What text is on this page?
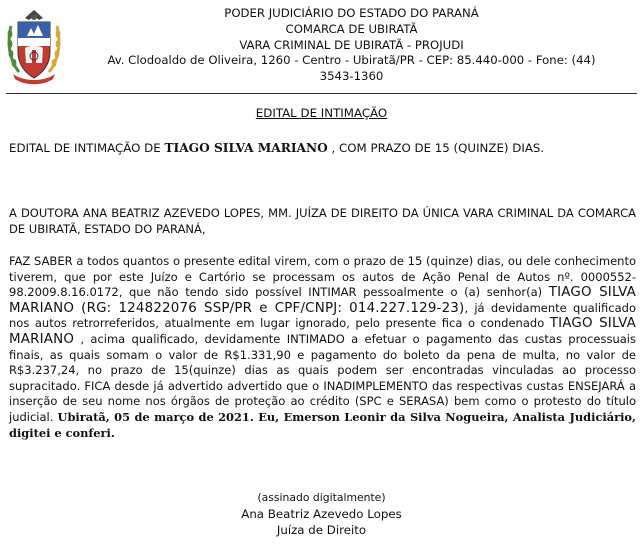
PODER JUDICIÁRIO DO ESTADO DO PARANÁ
COMARCA DE UBIRATÃ
VARA CRIMINAL DE UBIRATÃ - PROJUDI
Av. Clodoaldo de Oliveira, 1260 - Centro - Ubiratã/PR - CEP: 85.440-000 - Fone: (44)
3543-1360
EDITAL DE INTIMAÇÃO
EDITAL DE INTIMAÇÃO DE TIAGO SILVA MARIANO , COM PRAZO DE 15 (QUINZE) DIAS.
A DOUTORA ANA BEATRIZ AZEVEDO LOPES, MM. JUÍZA DE DIREITO DA ÚNICA VARA CRIMINAL DA COMARCA DE UBIRATÃ, ESTADO DO PARANÁ,
FAZ SABER a todos quantos o presente edital virem, com o prazo de 15 (quinze) dias, ou dele conhecimento tiverem, que por este Juízo e Cartório se processam os autos de Ação Penal de Autos nº. 0000552-98.2009.8.16.0172, que não tendo sido possível INTIMAR pessoalmente o (a) senhor(a) TIAGO SILVA MARIANO (RG: 124822076 SSP/PR e CPF/CNPJ: 014.227.129-23), já devidamente qualificado nos autos retrorreferidos, atualmente em lugar ignorado, pelo presente fica o condenado TIAGO SILVA MARIANO , acima qualificado, devidamente INTIMADO a efetuar o pagamento das custas processuais finais, as quais somam o valor de R$1.331,90 e pagamento do boleto da pena de multa, no valor de R$3.237,24, no prazo de 15(quinze) dias as quais podem ser encontradas vinculadas ao processo supracitado. FICA desde já advertido advertido que o INADIMPLEMENTO das respectivas custas ENSEJARÁ a inserção de seu nome nos órgãos de proteção ao crédito (SPC e SERASA) bem como o protesto do título judicial. Ubiratã, 05 de março de 2021. Eu, Emerson Leonir da Silva Nogueira, Analista Judiciário, digitei e conferi.
(assinado digitalmente)
Ana Beatriz Azevedo Lopes
Juíza de Direito
